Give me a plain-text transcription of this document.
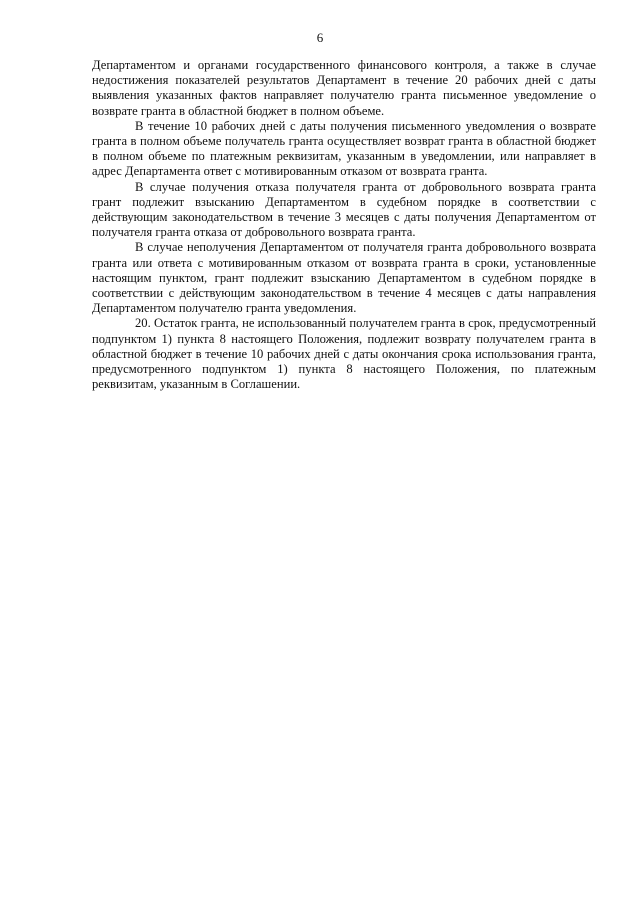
6

Департаментом и органами государственного финансового контроля, а также в случае недостижения показателей результатов Департамент в течение 20 рабочих дней с даты выявления указанных фактов направляет получателю гранта письменное уведомление о возврате гранта в областной бюджет в полном объеме.

В течение 10 рабочих дней с даты получения письменного уведомления о возврате гранта в полном объеме получатель гранта осуществляет возврат гранта в областной бюджет в полном объеме по платежным реквизитам, указанным в уведомлении, или направляет в адрес Департамента ответ с мотивированным отказом от возврата гранта.

В случае получения отказа получателя гранта от добровольного возврата гранта грант подлежит взысканию Департаментом в судебном порядке в соответствии с действующим законодательством в течение 3 месяцев с даты получения Департаментом от получателя гранта отказа от добровольного возврата гранта.

В случае неполучения Департаментом от получателя гранта добровольного возврата гранта или ответа с мотивированным отказом от возврата гранта в сроки, установленные настоящим пунктом, грант подлежит взысканию Департаментом в судебном порядке в соответствии с действующим законодательством в течение 4 месяцев с даты направления Департаментом получателю гранта уведомления.

20. Остаток гранта, не использованный получателем гранта в срок, предусмотренный подпунктом 1) пункта 8 настоящего Положения, подлежит возврату получателем гранта в областной бюджет в течение 10 рабочих дней с даты окончания срока использования гранта, предусмотренного подпунктом 1) пункта 8 настоящего Положения, по платежным реквизитам, указанным в Соглашении.
